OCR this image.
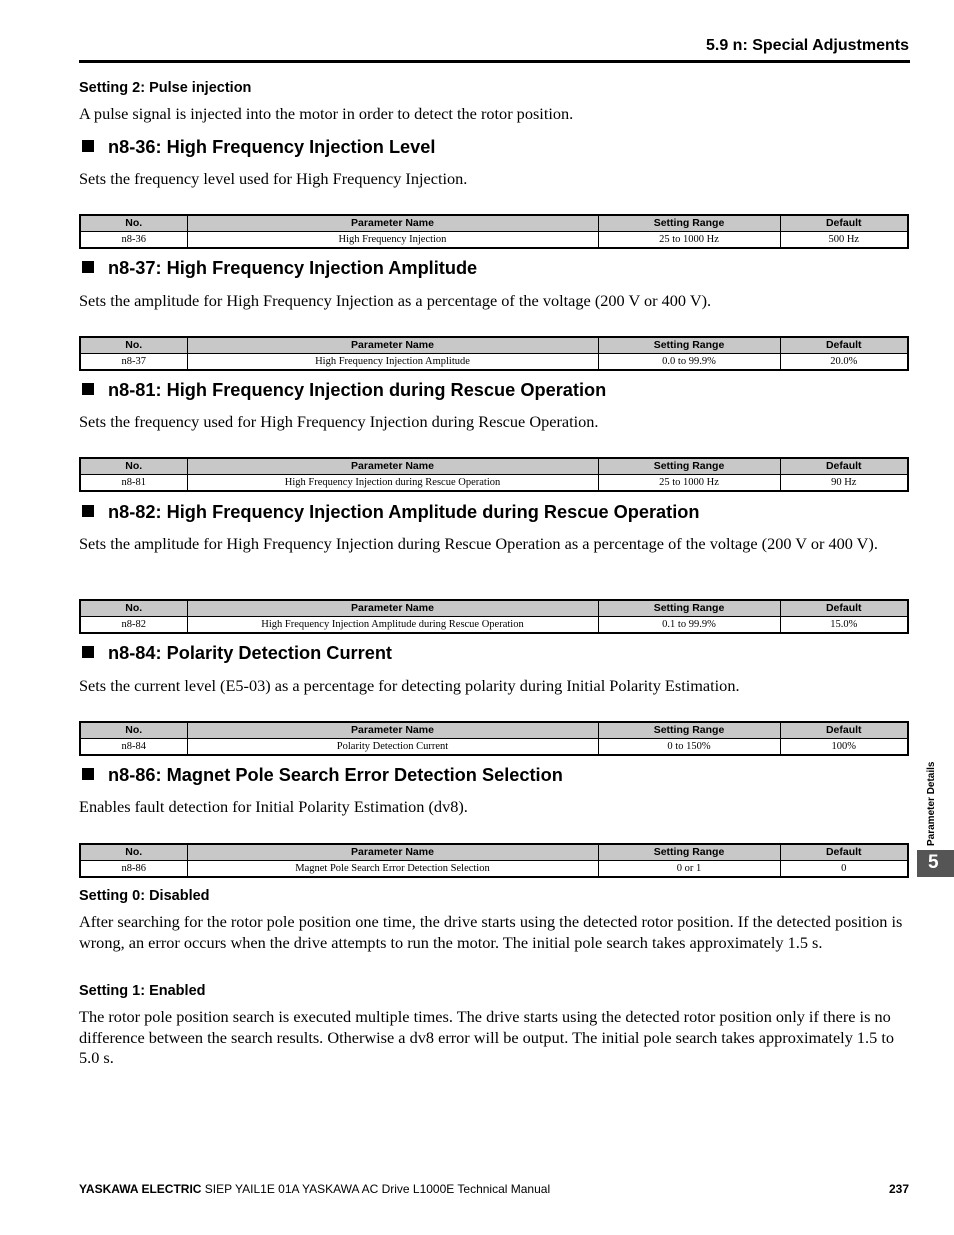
5.9 n: Special Adjustments
Setting 2: Pulse injection
A pulse signal is injected into the motor in order to detect the rotor position.
n8-36: High Frequency Injection Level
Sets the frequency level used for High Frequency Injection.
No.	Parameter Name	Setting Range	Default
n8-36	High Frequency Injection	25 to 1000 Hz	500 Hz
n8-37: High Frequency Injection Amplitude
Sets the amplitude for High Frequency Injection as a percentage of the voltage (200 V or 400 V).
No.	Parameter Name	Setting Range	Default
n8-37	High Frequency Injection Amplitude	0.0 to 99.9%	20.0%
n8-81: High Frequency Injection during Rescue Operation
Sets the frequency used for High Frequency Injection during Rescue Operation.
No.	Parameter Name	Setting Range	Default
n8-81	High Frequency Injection during Rescue Operation	25 to 1000 Hz	90 Hz
n8-82: High Frequency Injection Amplitude during Rescue Operation
Sets the amplitude for High Frequency Injection during Rescue Operation as a percentage of the voltage (200 V or 400 V).
No.	Parameter Name	Setting Range	Default
n8-82	High Frequency Injection Amplitude during Rescue Operation	0.1 to 99.9%	15.0%
n8-84: Polarity Detection Current
Sets the current level (E5-03) as a percentage for detecting polarity during Initial Polarity Estimation.
No.	Parameter Name	Setting Range	Default
n8-84	Polarity Detection Current	0 to 150%	100%
n8-86: Magnet Pole Search Error Detection Selection
Enables fault detection for Initial Polarity Estimation (dv8).
No.	Parameter Name	Setting Range	Default
n8-86	Magnet Pole Search Error Detection Selection	0 or 1	0
Setting 0: Disabled
After searching for the rotor pole position one time, the drive starts using the detected rotor position. If the detected position is wrong, an error occurs when the drive attempts to run the motor. The initial pole search takes approximately 1.5 s.
Setting 1: Enabled
The rotor pole position search is executed multiple times. The drive starts using the detected rotor position only if there is no difference between the search results. Otherwise a dv8 error will be output. The initial pole search takes approximately 1.5 to 5.0 s.
Parameter Details
5
YASKAWA ELECTRIC SIEP YAIL1E 01A YASKAWA AC Drive L1000E Technical Manual	237
